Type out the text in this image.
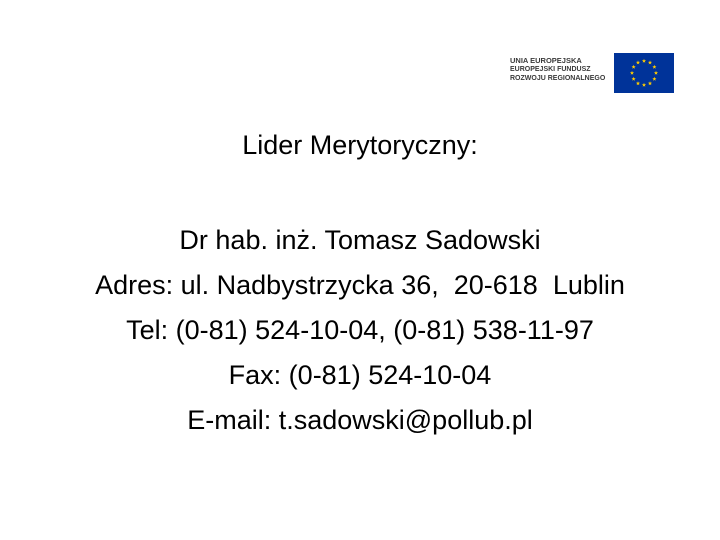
UNIA EUROPEJSKA
EUROPEJSKI FUNDUSZ
ROZWOJU REGIONALNEGO
Lider Merytoryczny:
Dr hab. inż. Tomasz Sadowski
Adres: ul. Nadbystrzycka 36,  20-618  Lublin
Tel: (0-81) 524-10-04, (0-81) 538-11-97
Fax: (0-81) 524-10-04
E-mail: t.sadowski@pollub.pl
